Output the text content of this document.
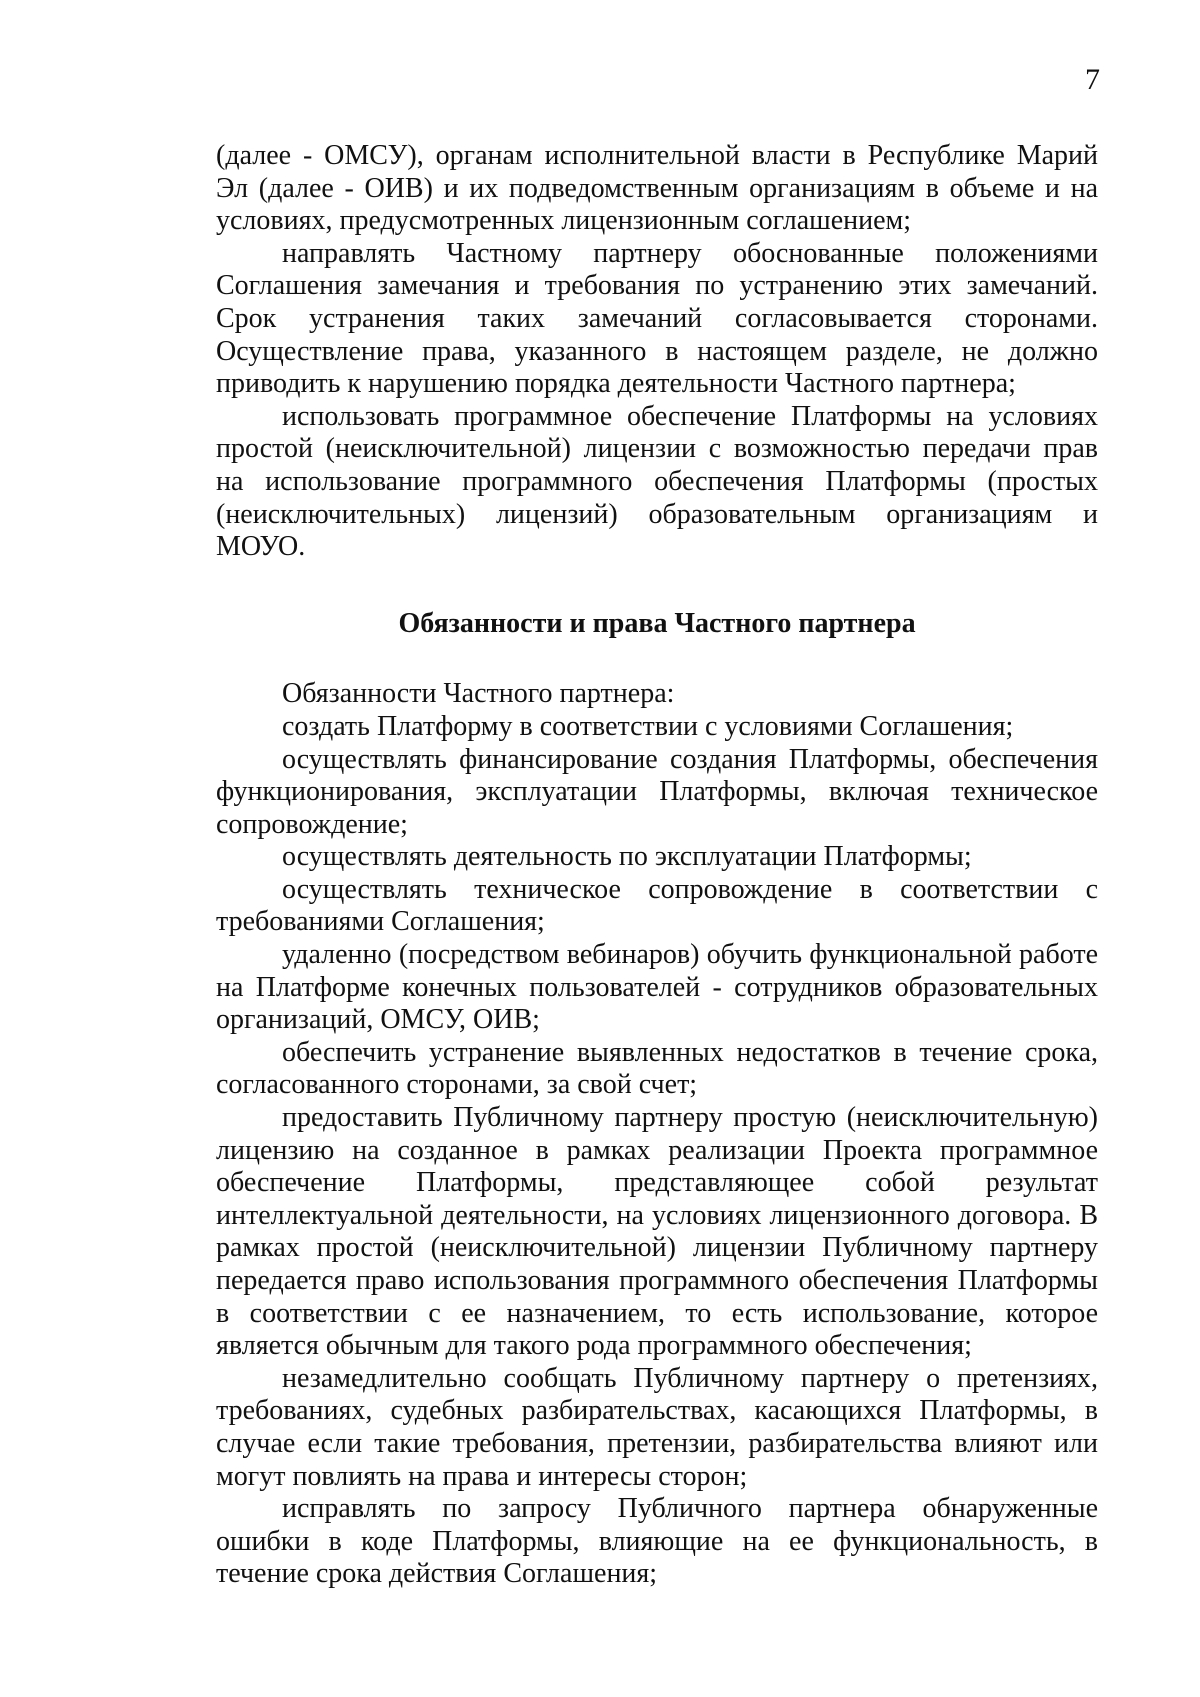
7

(далее - ОМСУ), органам исполнительной власти в Республике Марий Эл (далее - ОИВ) и их подведомственным организациям в объеме и на условиях, предусмотренных лицензионным соглашением;

направлять Частному партнеру обоснованные положениями Соглашения замечания и требования по устранению этих замечаний. Срок устранения таких замечаний согласовывается сторонами. Осуществление права, указанного в настоящем разделе, не должно приводить к нарушению порядка деятельности Частного партнера;

использовать программное обеспечение Платформы на условиях простой (неисключительной) лицензии с возможностью передачи прав на использование программного обеспечения Платформы (простых (неисключительных) лицензий) образовательным организациям и МОУО.

Обязанности и права Частного партнера

Обязанности Частного партнера:

создать Платформу в соответствии с условиями Соглашения;

осуществлять финансирование создания Платформы, обеспечения функционирования, эксплуатации Платформы, включая техническое сопровождение;

осуществлять деятельность по эксплуатации Платформы;

осуществлять техническое сопровождение в соответствии с требованиями Соглашения;

удаленно (посредством вебинаров) обучить функциональной работе на Платформе конечных пользователей - сотрудников образовательных организаций, ОМСУ, ОИВ;

обеспечить устранение выявленных недостатков в течение срока, согласованного сторонами, за свой счет;

предоставить Публичному партнеру простую (неисключительную) лицензию на созданное в рамках реализации Проекта программное обеспечение Платформы, представляющее собой результат интеллектуальной деятельности, на условиях лицензионного договора. В рамках простой (неисключительной) лицензии Публичному партнеру передается право использования программного обеспечения Платформы в соответствии с ее назначением, то есть использование, которое является обычным для такого рода программного обеспечения;

незамедлительно сообщать Публичному партнеру о претензиях, требованиях, судебных разбирательствах, касающихся Платформы, в случае если такие требования, претензии, разбирательства влияют или могут повлиять на права и интересы сторон;

исправлять по запросу Публичного партнера обнаруженные ошибки в коде Платформы, влияющие на ее функциональность, в течение срока действия Соглашения;
